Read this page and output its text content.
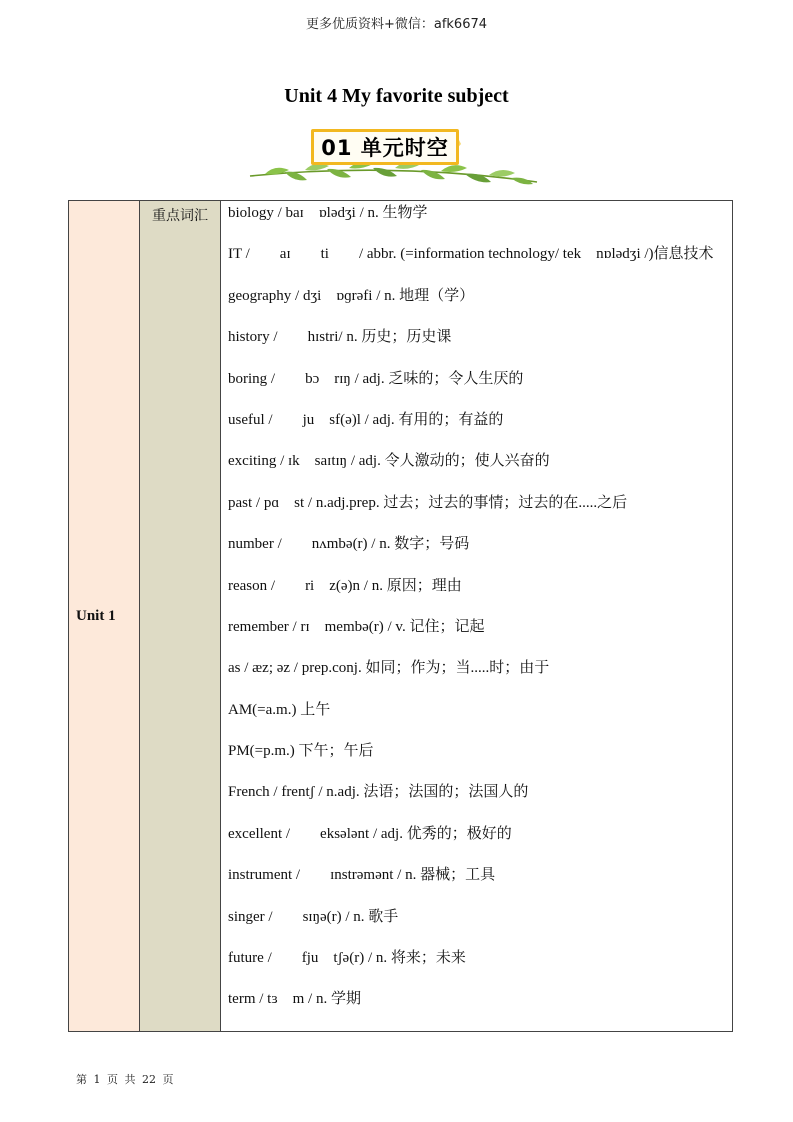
更多优质资料+微信：afk6674
Unit 4 My favorite subject
01 单元时空
Unit 1	重点词汇	biology / baɪ　ɒlədʒi / n. 生物学
IT /　　aɪ　　ti　　/ abbr. (=information technology/ tek　nɒlədʒi /)信息技术
geography / dʒi　ɒɡrəfi / n. 地理（学）
history /　　hɪstri/ n. 历史；历史课
boring /　　bɔ　rɪŋ / adj. 乏味的；令人生厌的
useful /　　ju　sf(ə)l / adj. 有用的；有益的
exciting / ɪk　saɪtɪŋ / adj. 令人激动的；使人兴奋的
past / pɑ　st / n.adj.prep. 过去；过去的事情；过去的在.....之后
number /　　nʌmbə(r) / n. 数字；号码
reason /　　ri　z(ə)n / n. 原因；理由
remember / rɪ　membə(r) / v. 记住；记起
as / æz; əz / prep.conj. 如同；作为；当.....时；由于
AM(=a.m.) 上午
PM(=p.m.) 下午；午后
French / frentʃ / n.adj. 法语；法国的；法国人的
excellent /　　eksələnt / adj. 优秀的；极好的
instrument /　　ɪnstrəmənt / n. 器械；工具
singer /　　sɪŋə(r) / n. 歌手
future /　　fju　tʃə(r) / n. 将来；未来
term / tɜ　m / n. 学期
第 1 页 共 22 页
